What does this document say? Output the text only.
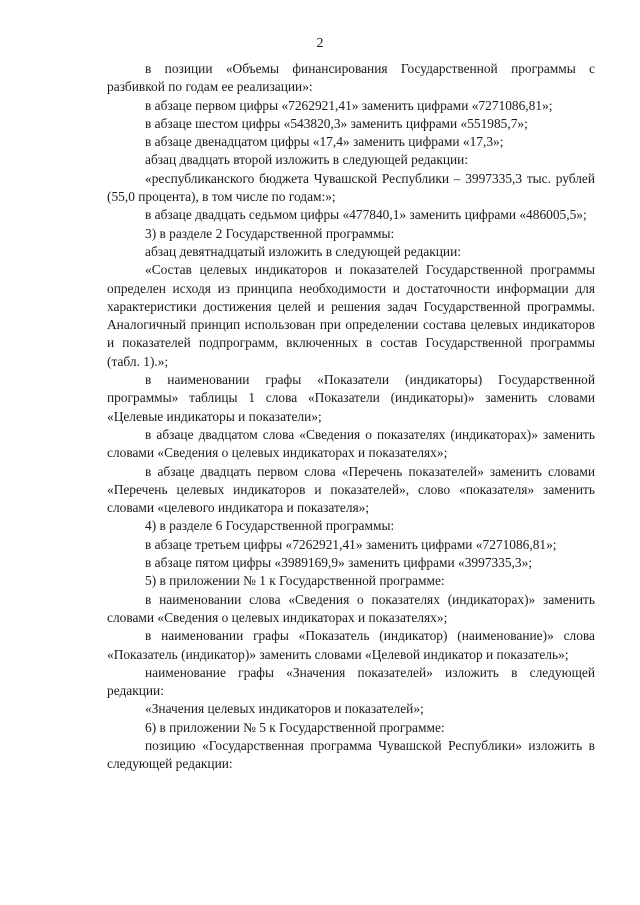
2

в позиции «Объемы финансирования Государственной программы с разбивкой по годам ее реализации»:

в абзаце первом цифры «7262921,41» заменить цифрами «7271086,81»;

в абзаце шестом цифры «543820,3» заменить цифрами «551985,7»;

в абзаце двенадцатом цифры «17,4» заменить цифрами «17,3»;

абзац двадцать второй изложить в следующей редакции:

«республиканского бюджета Чувашской Республики – 3997335,3 тыс. рублей (55,0 процента), в том числе по годам:»;

в абзаце двадцать седьмом цифры «477840,1» заменить цифрами «486005,5»;

3) в разделе 2 Государственной программы:

абзац девятнадцатый изложить в следующей редакции:

«Состав целевых индикаторов и показателей Государственной программы определен исходя из принципа необходимости и достаточности информации для характеристики достижения целей и решения задач Государственной программы. Аналогичный принцип использован при определении состава целевых индикаторов и показателей подпрограмм, включенных в состав Государственной программы (табл. 1).»;

в наименовании графы «Показатели (индикаторы) Государственной программы» таблицы 1 слова «Показатели (индикаторы)» заменить словами «Целевые индикаторы и показатели»;

в абзаце двадцатом слова «Сведения о показателях (индикаторах)» заменить словами «Сведения о целевых индикаторах и показателях»;

в абзаце двадцать первом слова «Перечень показателей» заменить словами «Перечень целевых индикаторов и показателей», слово «показателя» заменить словами «целевого индикатора и показателя»;

4) в разделе 6 Государственной программы:

в абзаце третьем цифры «7262921,41» заменить цифрами «7271086,81»;

в абзаце пятом цифры «3989169,9» заменить цифрами «3997335,3»;

5) в приложении № 1 к Государственной программе:

в наименовании слова «Сведения о показателях (индикаторах)» заменить словами «Сведения о целевых индикаторах и показателях»;

в наименовании графы «Показатель (индикатор) (наименование)» слова «Показатель (индикатор)» заменить словами «Целевой индикатор и показатель»;

наименование графы «Значения показателей» изложить в следующей редакции:

«Значения целевых индикаторов и показателей»;

6) в приложении № 5 к Государственной программе:

позицию «Государственная программа Чувашской Республики» изложить в следующей редакции:
